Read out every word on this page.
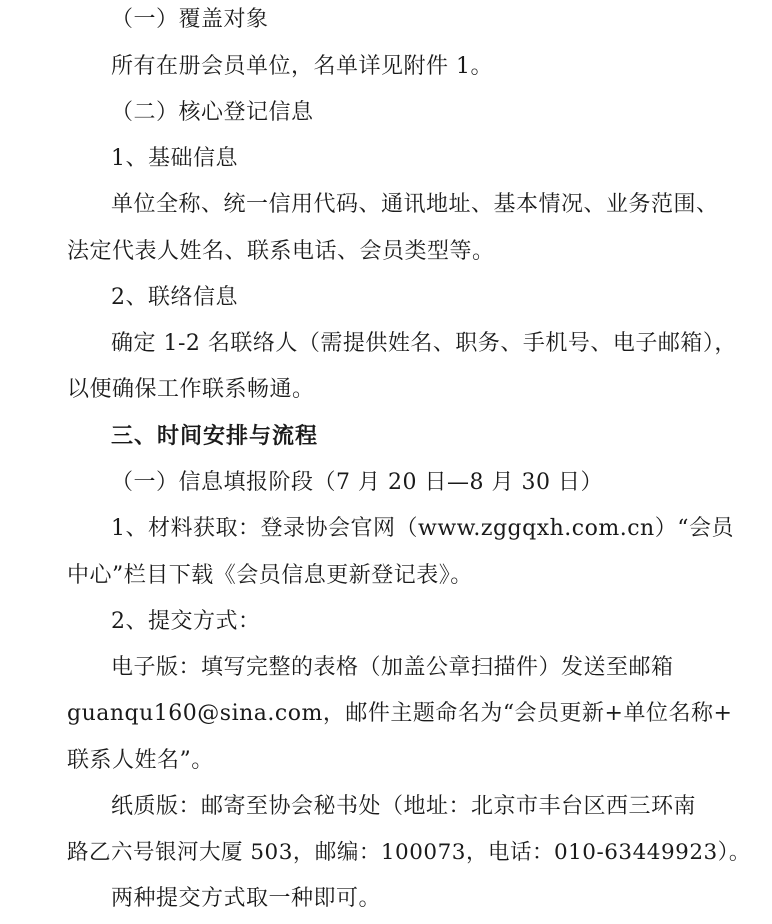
（一）覆盖对象
所有在册会员单位，名单详见附件 1。
（二）核心登记信息
1、基础信息
单位全称、统一信用代码、通讯地址、基本情况、业务范围、
法定代表人姓名、联系电话、会员类型等。
2、联络信息
确定 1-2 名联络人（需提供姓名、职务、手机号、电子邮箱），
以便确保工作联系畅通。
三、时间安排与流程
（一）信息填报阶段（7 月 20 日—8 月 30 日）
1、材料获取：登录协会官网（www.zggqxh.com.cn）“会员
中心”栏目下载《会员信息更新登记表》。
2、提交方式：
电子版：填写完整的表格（加盖公章扫描件）发送至邮箱
guanqu160@sina.com，邮件主题命名为“会员更新+单位名称+
联系人姓名”。
纸质版：邮寄至协会秘书处（地址：北京市丰台区西三环南
路乙六号银河大厦 503，邮编：100073，电话：010-63449923）。
两种提交方式取一种即可。
